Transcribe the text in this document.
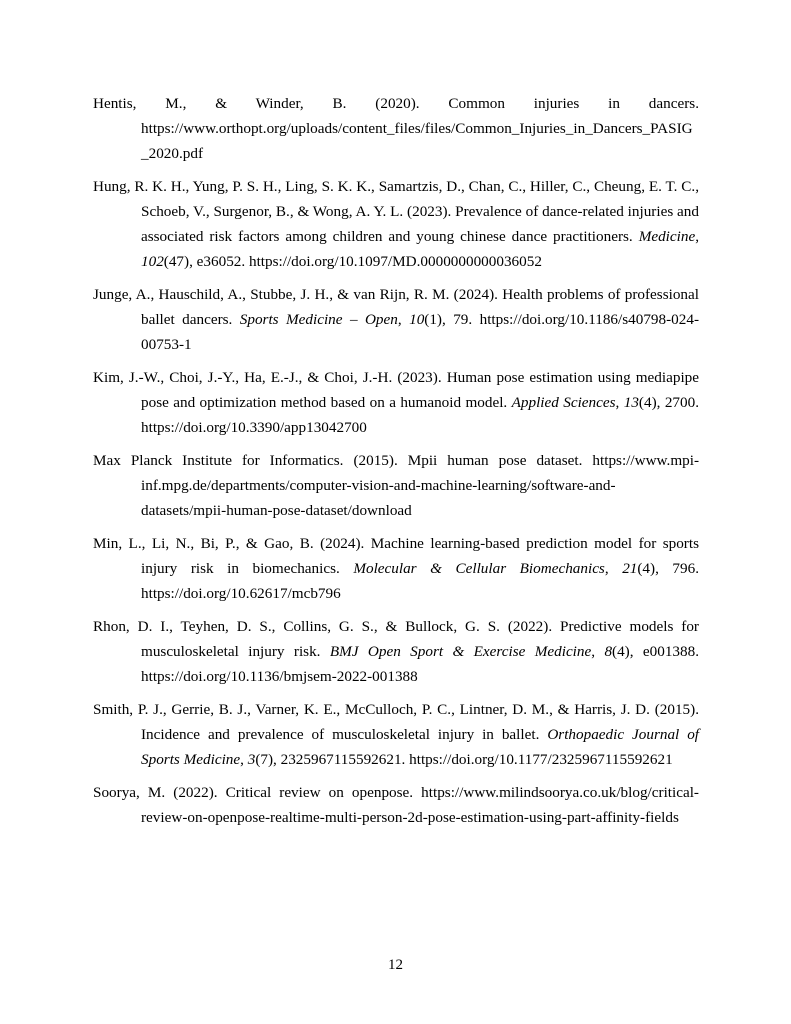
Hentis, M., & Winder, B. (2020). Common injuries in dancers. https://www.orthopt.org/uploads/content_files/files/Common_Injuries_in_Dancers_PASIG_2020.pdf

Hung, R. K. H., Yung, P. S. H., Ling, S. K. K., Samartzis, D., Chan, C., Hiller, C., Cheung, E. T. C., Schoeb, V., Surgenor, B., & Wong, A. Y. L. (2023). Prevalence of dance-related injuries and associated risk factors among children and young chinese dance practitioners. Medicine, 102(47), e36052. https://doi.org/10.1097/MD.0000000000036052

Junge, A., Hauschild, A., Stubbe, J. H., & van Rijn, R. M. (2024). Health problems of professional ballet dancers. Sports Medicine – Open, 10(1), 79. https://doi.org/10.1186/s40798-024-00753-1

Kim, J.-W., Choi, J.-Y., Ha, E.-J., & Choi, J.-H. (2023). Human pose estimation using mediapipe pose and optimization method based on a humanoid model. Applied Sciences, 13(4), 2700. https://doi.org/10.3390/app13042700

Max Planck Institute for Informatics. (2015). Mpii human pose dataset. https://www.mpi-inf.mpg.de/departments/computer-vision-and-machine-learning/software-and-datasets/mpii-human-pose-dataset/download

Min, L., Li, N., Bi, P., & Gao, B. (2024). Machine learning-based prediction model for sports injury risk in biomechanics. Molecular & Cellular Biomechanics, 21(4), 796. https://doi.org/10.62617/mcb796

Rhon, D. I., Teyhen, D. S., Collins, G. S., & Bullock, G. S. (2022). Predictive models for musculoskeletal injury risk. BMJ Open Sport & Exercise Medicine, 8(4), e001388. https://doi.org/10.1136/bmjsem-2022-001388

Smith, P. J., Gerrie, B. J., Varner, K. E., McCulloch, P. C., Lintner, D. M., & Harris, J. D. (2015). Incidence and prevalence of musculoskeletal injury in ballet. Orthopaedic Journal of Sports Medicine, 3(7), 2325967115592621. https://doi.org/10.1177/2325967115592621

Soorya, M. (2022). Critical review on openpose. https://www.milindsoorya.co.uk/blog/critical-review-on-openpose-realtime-multi-person-2d-pose-estimation-using-part-affinity-fields

12
